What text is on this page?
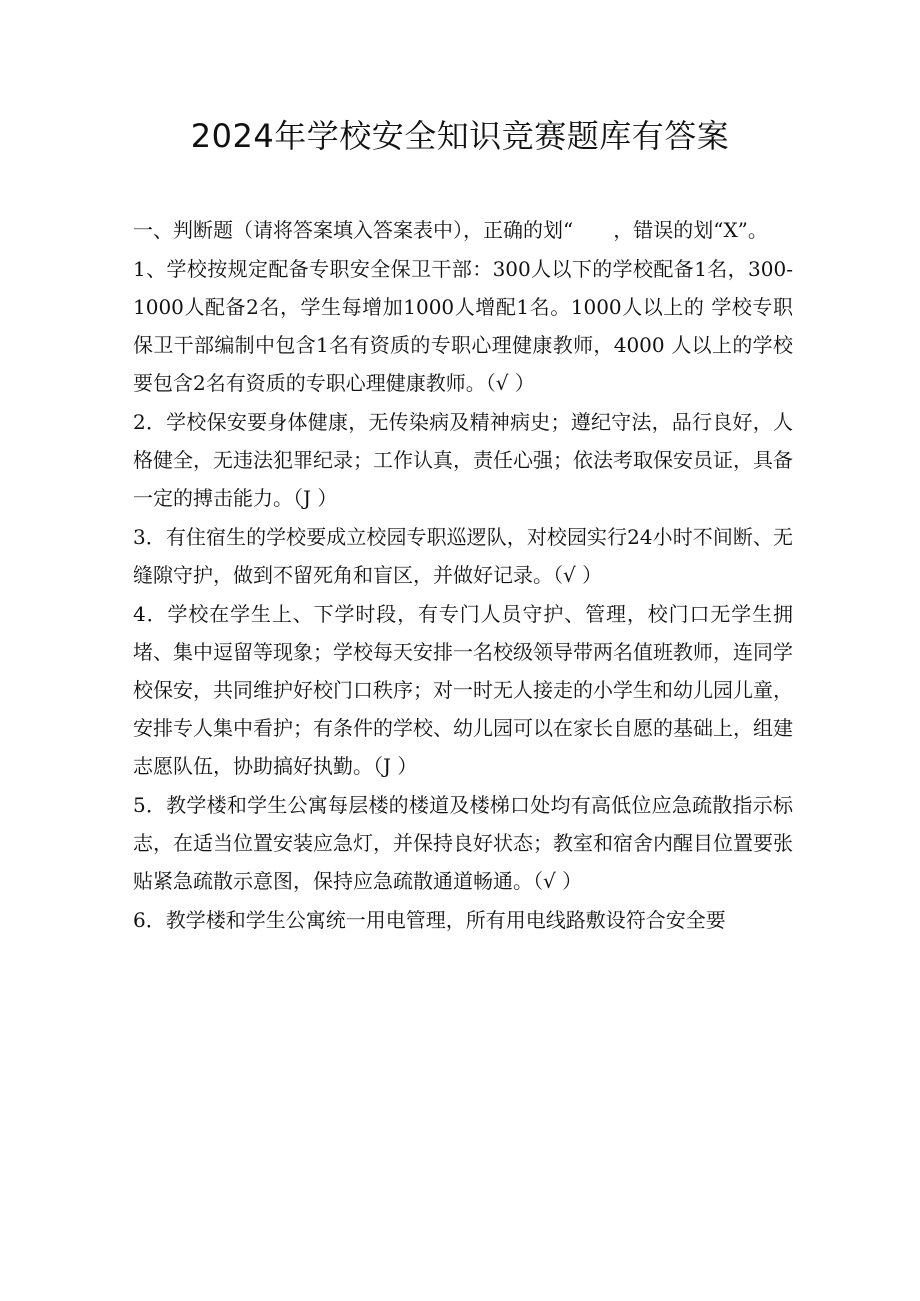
2024年学校安全知识竞赛题库有答案

一、判断题（请将答案填入答案表中），正确的划“　　，错误的划“X”。

1、学校按规定配备专职安全保卫干部：300人以下的学校配备1名，300-1000人配备2名，学生每增加1000人增配1名。1000人以上的 学校专职保卫干部编制中包含1名有资质的专职心理健康教师，4000 人以上的学校要包含2名有资质的专职心理健康教师。（√ ）

2．学校保安要身体健康，无传染病及精神病史；遵纪守法，品行良好，人格健全，无违法犯罪纪录；工作认真，责任心强；依法考取保安员证，具备一定的搏击能力。（J ）

3．有住宿生的学校要成立校园专职巡逻队，对校园实行24小时不间断、无缝隙守护，做到不留死角和盲区，并做好记录。（√ ）

4．学校在学生上、下学时段，有专门人员守护、管理，校门口无学生拥堵、集中逗留等现象；学校每天安排一名校级领导带两名值班教师，连同学校保安，共同维护好校门口秩序；对一时无人接走的小学生和幼儿园儿童，安排专人集中看护；有条件的学校、幼儿园可以在家长自愿的基础上，组建志愿队伍，协助搞好执勤。（J ）

5．教学楼和学生公寓每层楼的楼道及楼梯口处均有高低位应急疏散指示标志，在适当位置安装应急灯，并保持良好状态；教室和宿舍内醒目位置要张贴紧急疏散示意图，保持应急疏散通道畅通。（√ ）

6．教学楼和学生公寓统一用电管理，所有用电线路敷设符合安全要
